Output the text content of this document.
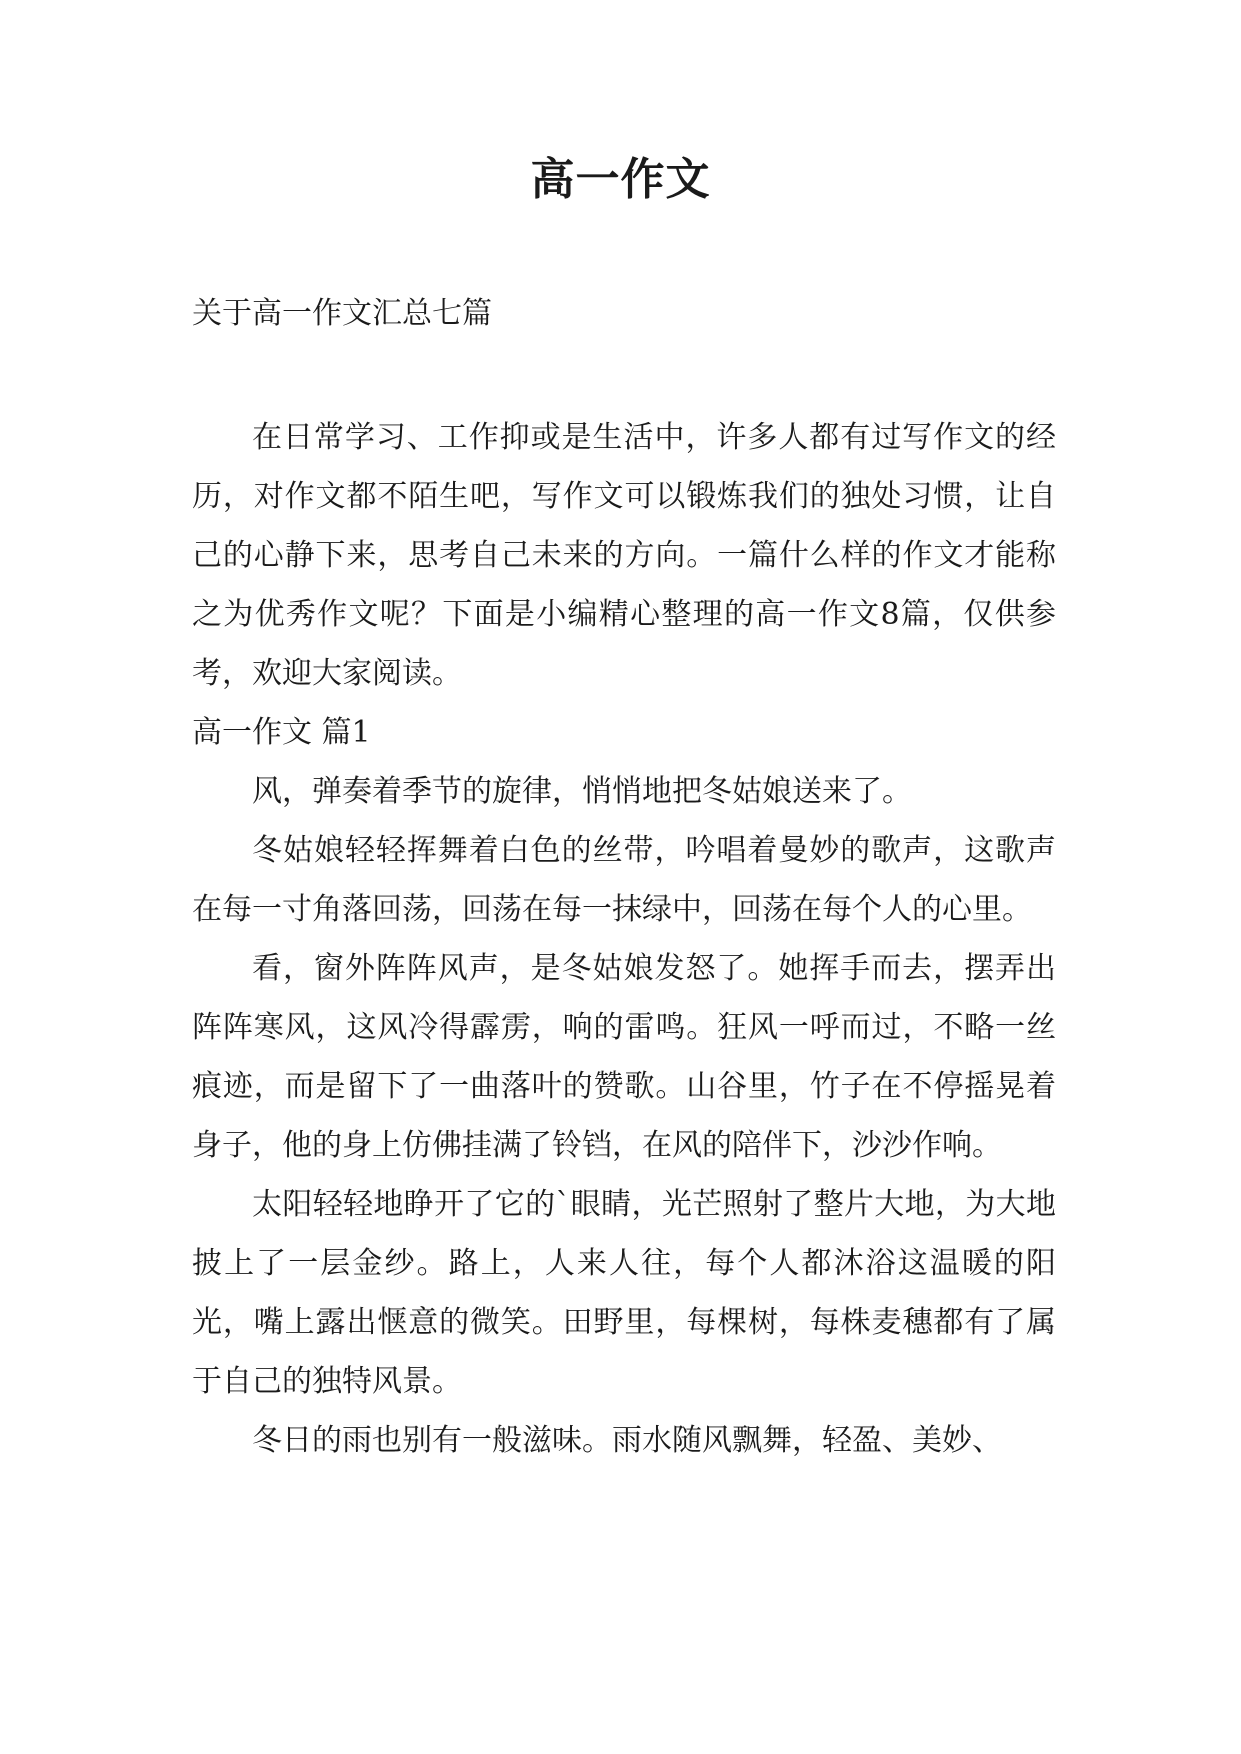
高一作文

关于高一作文汇总七篇

在日常学习、工作抑或是生活中，许多人都有过写作文的经历，对作文都不陌生吧，写作文可以锻炼我们的独处习惯，让自己的心静下来，思考自己未来的方向。一篇什么样的作文才能称之为优秀作文呢？下面是小编精心整理的高一作文8篇，仅供参考，欢迎大家阅读。

高一作文 篇1

风，弹奏着季节的旋律，悄悄地把冬姑娘送来了。

冬姑娘轻轻挥舞着白色的丝带，吟唱着曼妙的歌声，这歌声在每一寸角落回荡，回荡在每一抹绿中，回荡在每个人的心里。

看，窗外阵阵风声，是冬姑娘发怒了。她挥手而去，摆弄出阵阵寒风，这风冷得霹雳，响的雷鸣。狂风一呼而过，不略一丝痕迹，而是留下了一曲落叶的赞歌。山谷里，竹子在不停摇晃着身子，他的身上仿佛挂满了铃铛，在风的陪伴下，沙沙作响。

太阳轻轻地睁开了它的`眼睛，光芒照射了整片大地，为大地披上了一层金纱。路上，人来人往，每个人都沐浴这温暖的阳光，嘴上露出惬意的微笑。田野里，每棵树，每株麦穗都有了属于自己的独特风景。

冬日的雨也别有一般滋味。雨水随风飘舞，轻盈、美妙、
